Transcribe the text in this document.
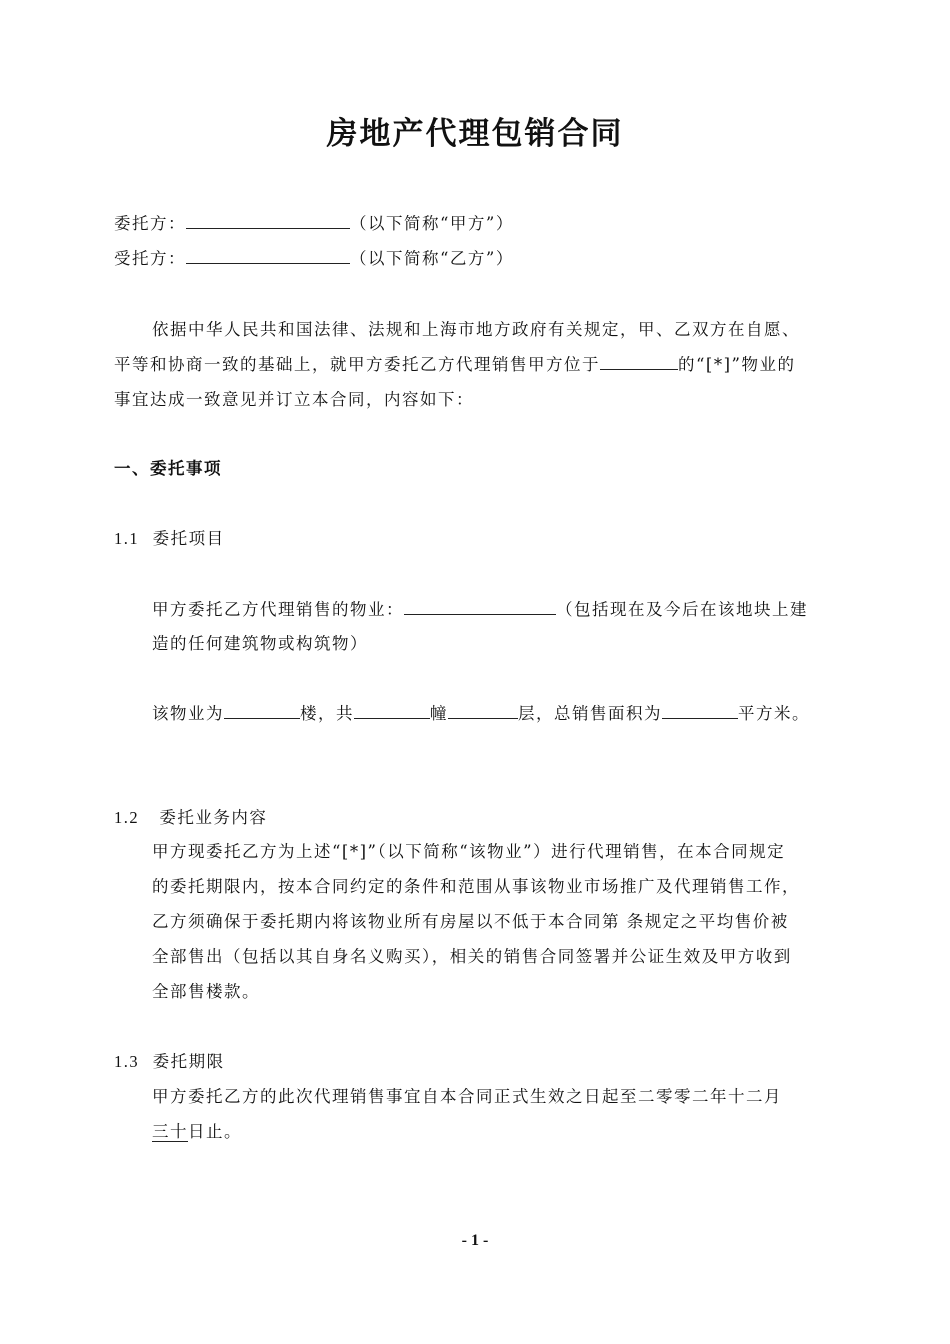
房地产代理包销合同
委托方：	（以下简称“甲方”）
受托方：	（以下简称“乙方”）
依据中华人民共和国法律、法规和上海市地方政府有关规定，甲、乙双方在自愿、
平等和协商一致的基础上，就甲方委托乙方代理销售甲方位于	的“[*]”物业的
事宜达成一致意见并订立本合同，内容如下：
一、委托事项
1.1 委托项目
甲方委托乙方代理销售的物业：	（包括现在及今后在该地块上建
造的任何建筑物或构筑物）
该物业为	楼，共	幢	层，总销售面积为	平方米。
1.2 委托业务内容
甲方现委托乙方为上述“[*]”（以下简称“该物业”）进行代理销售，在本合同规定
的委托期限内，按本合同约定的条件和范围从事该物业市场推广及代理销售工作，
乙方须确保于委托期内将该物业所有房屋以不低于本合同第 条规定之平均售价被
全部售出（包括以其自身名义购买），相关的销售合同签署并公证生效及甲方收到
全部售楼款。
1.3 委托期限
甲方委托乙方的此次代理销售事宜自本合同正式生效之日起至二零零二年十二月
三十日止。
- 1 -
